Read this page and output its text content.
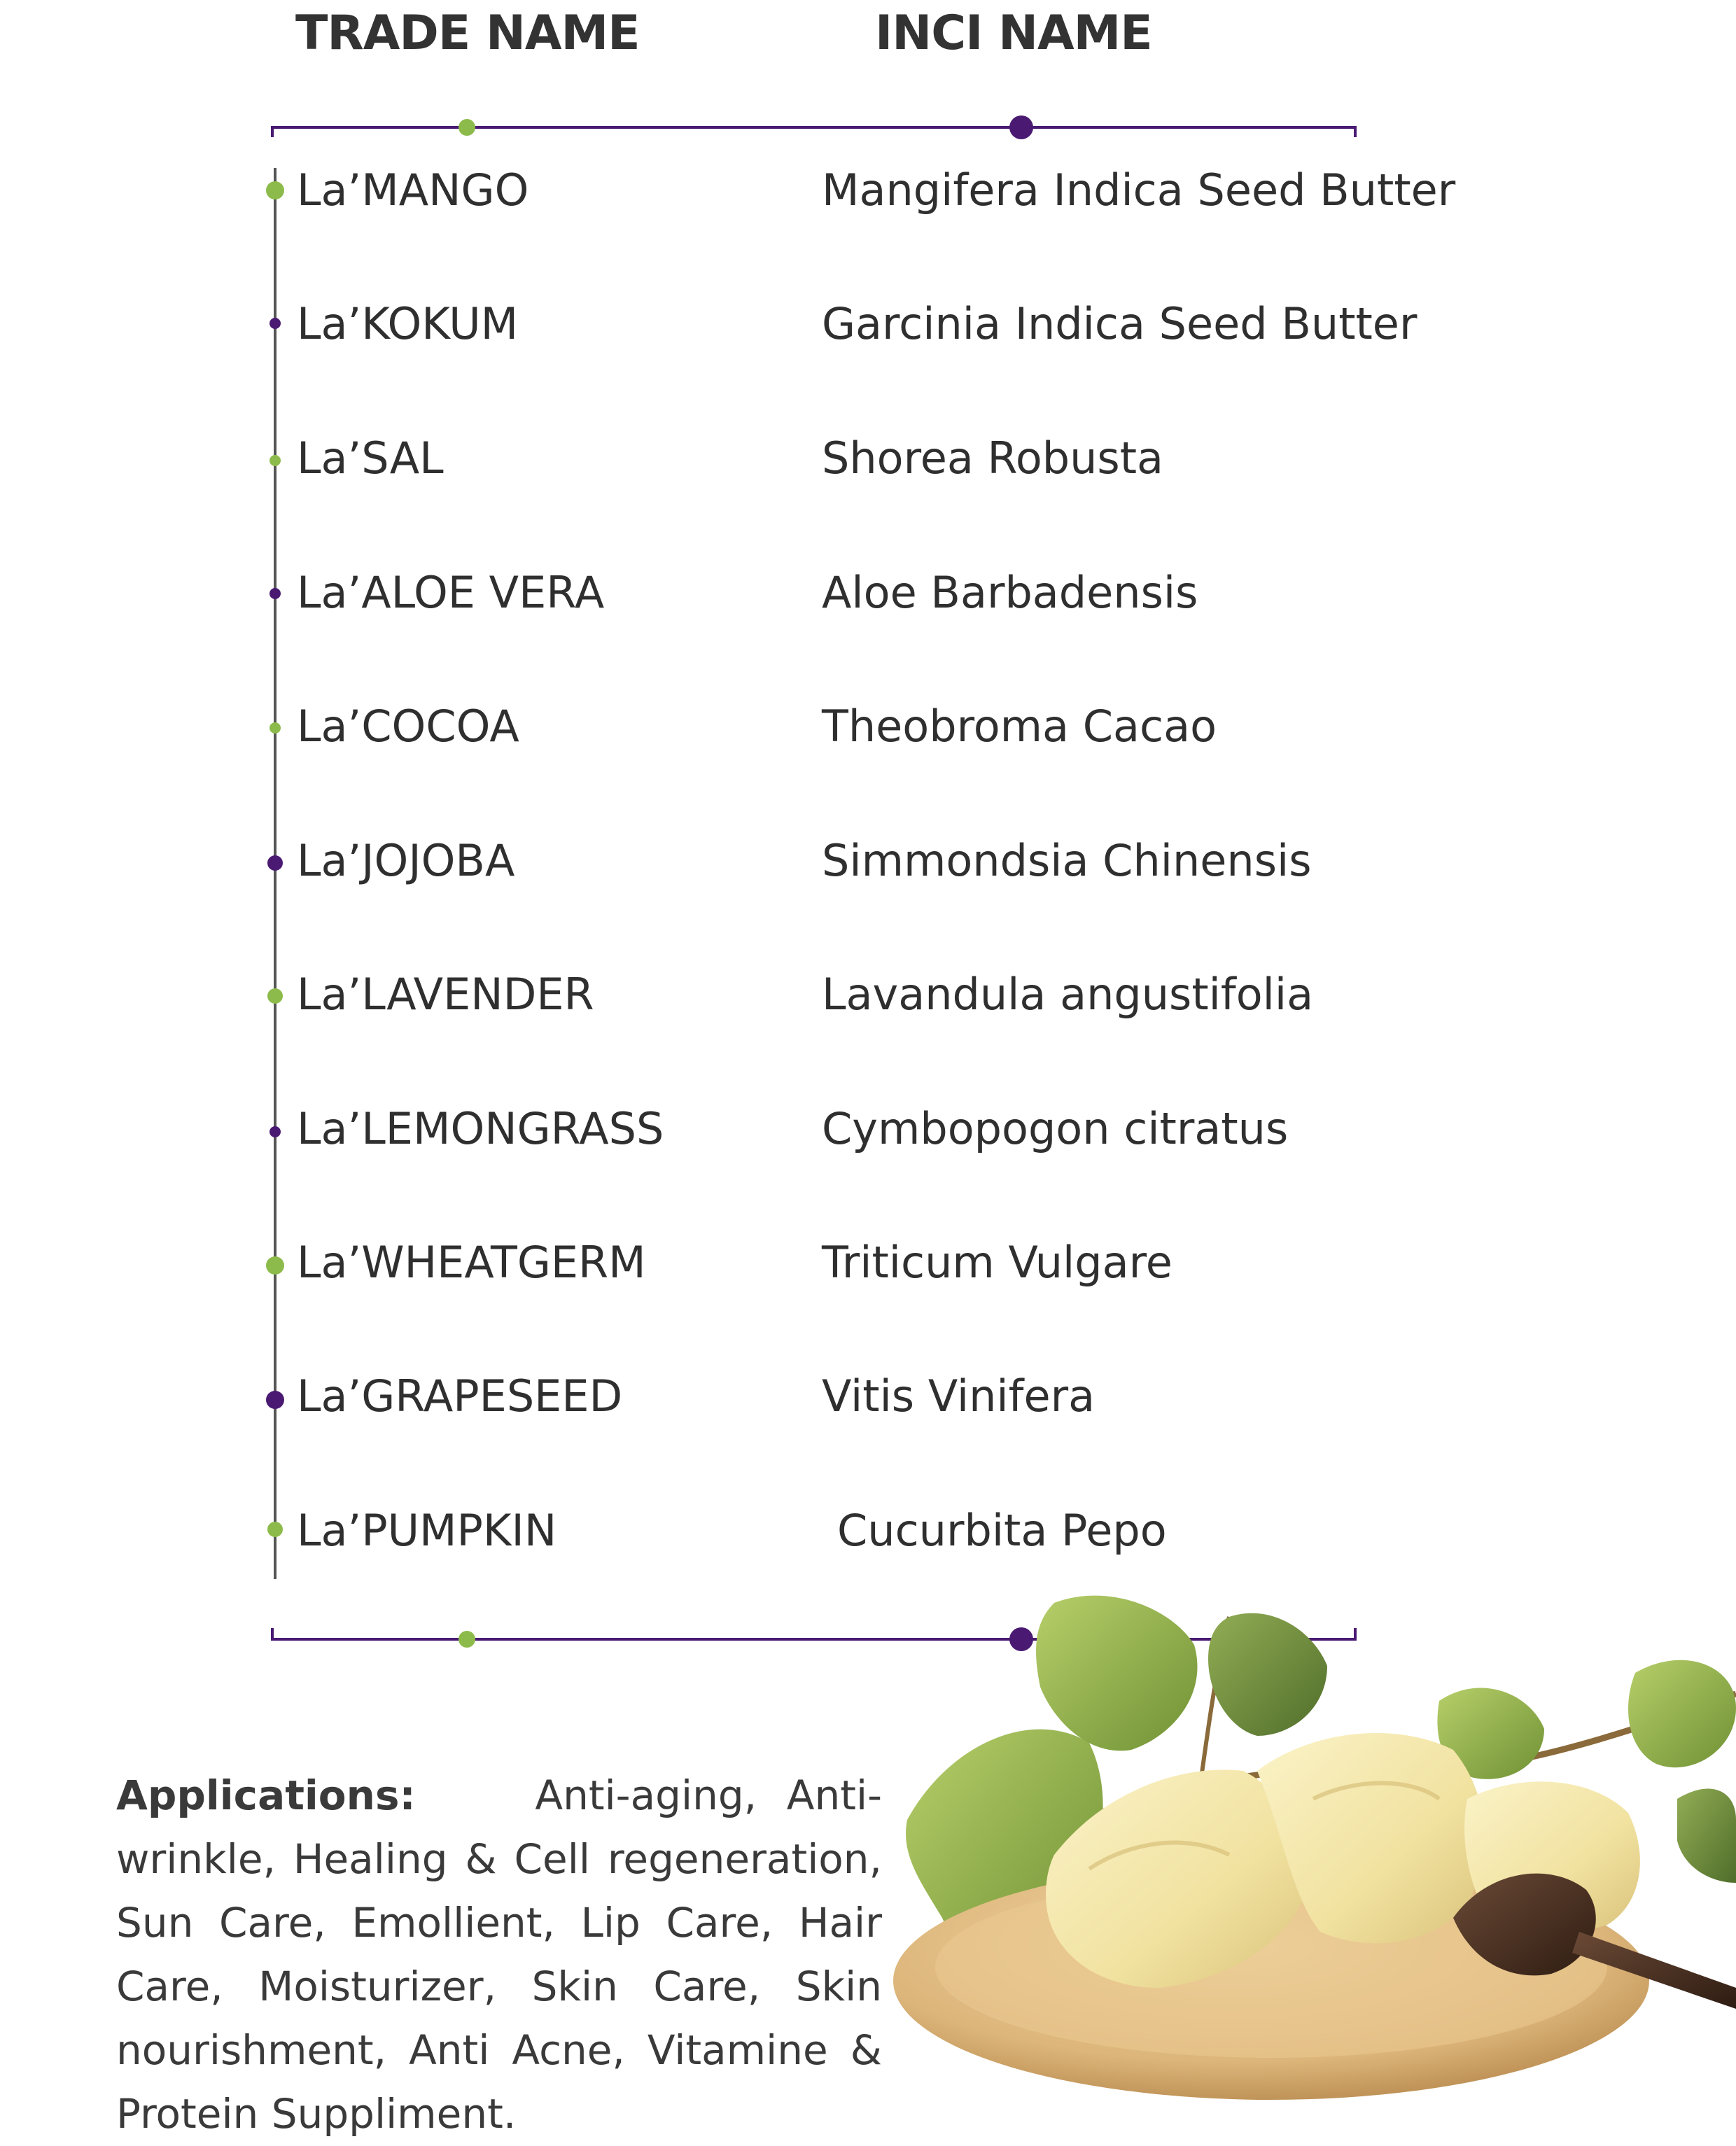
TRADE NAME	INCI NAME
La’MANGO	Mangifera Indica Seed Butter
La’KOKUM	Garcinia Indica Seed Butter
La’SAL	Shorea Robusta
La’ALOE VERA	Aloe Barbadensis
La’COCOA	Theobroma Cacao
La’JOJOBA	Simmondsia Chinensis
La’LAVENDER	Lavandula angustifolia
La’LEMONGRASS	Cymbopogon citratus
La’WHEATGERM	Triticum Vulgare
La’GRAPESEED	Vitis Vinifera
La’PUMPKIN	Cucurbita Pepo
Applications:	Anti-aging, Anti-wrinkle, Healing & Cell regeneration, Sun Care, Emollient, Lip Care, Hair Care, Moisturizer, Skin Care, Skin nourishment, Anti Acne, Vitamine & Protein Suppliment.
